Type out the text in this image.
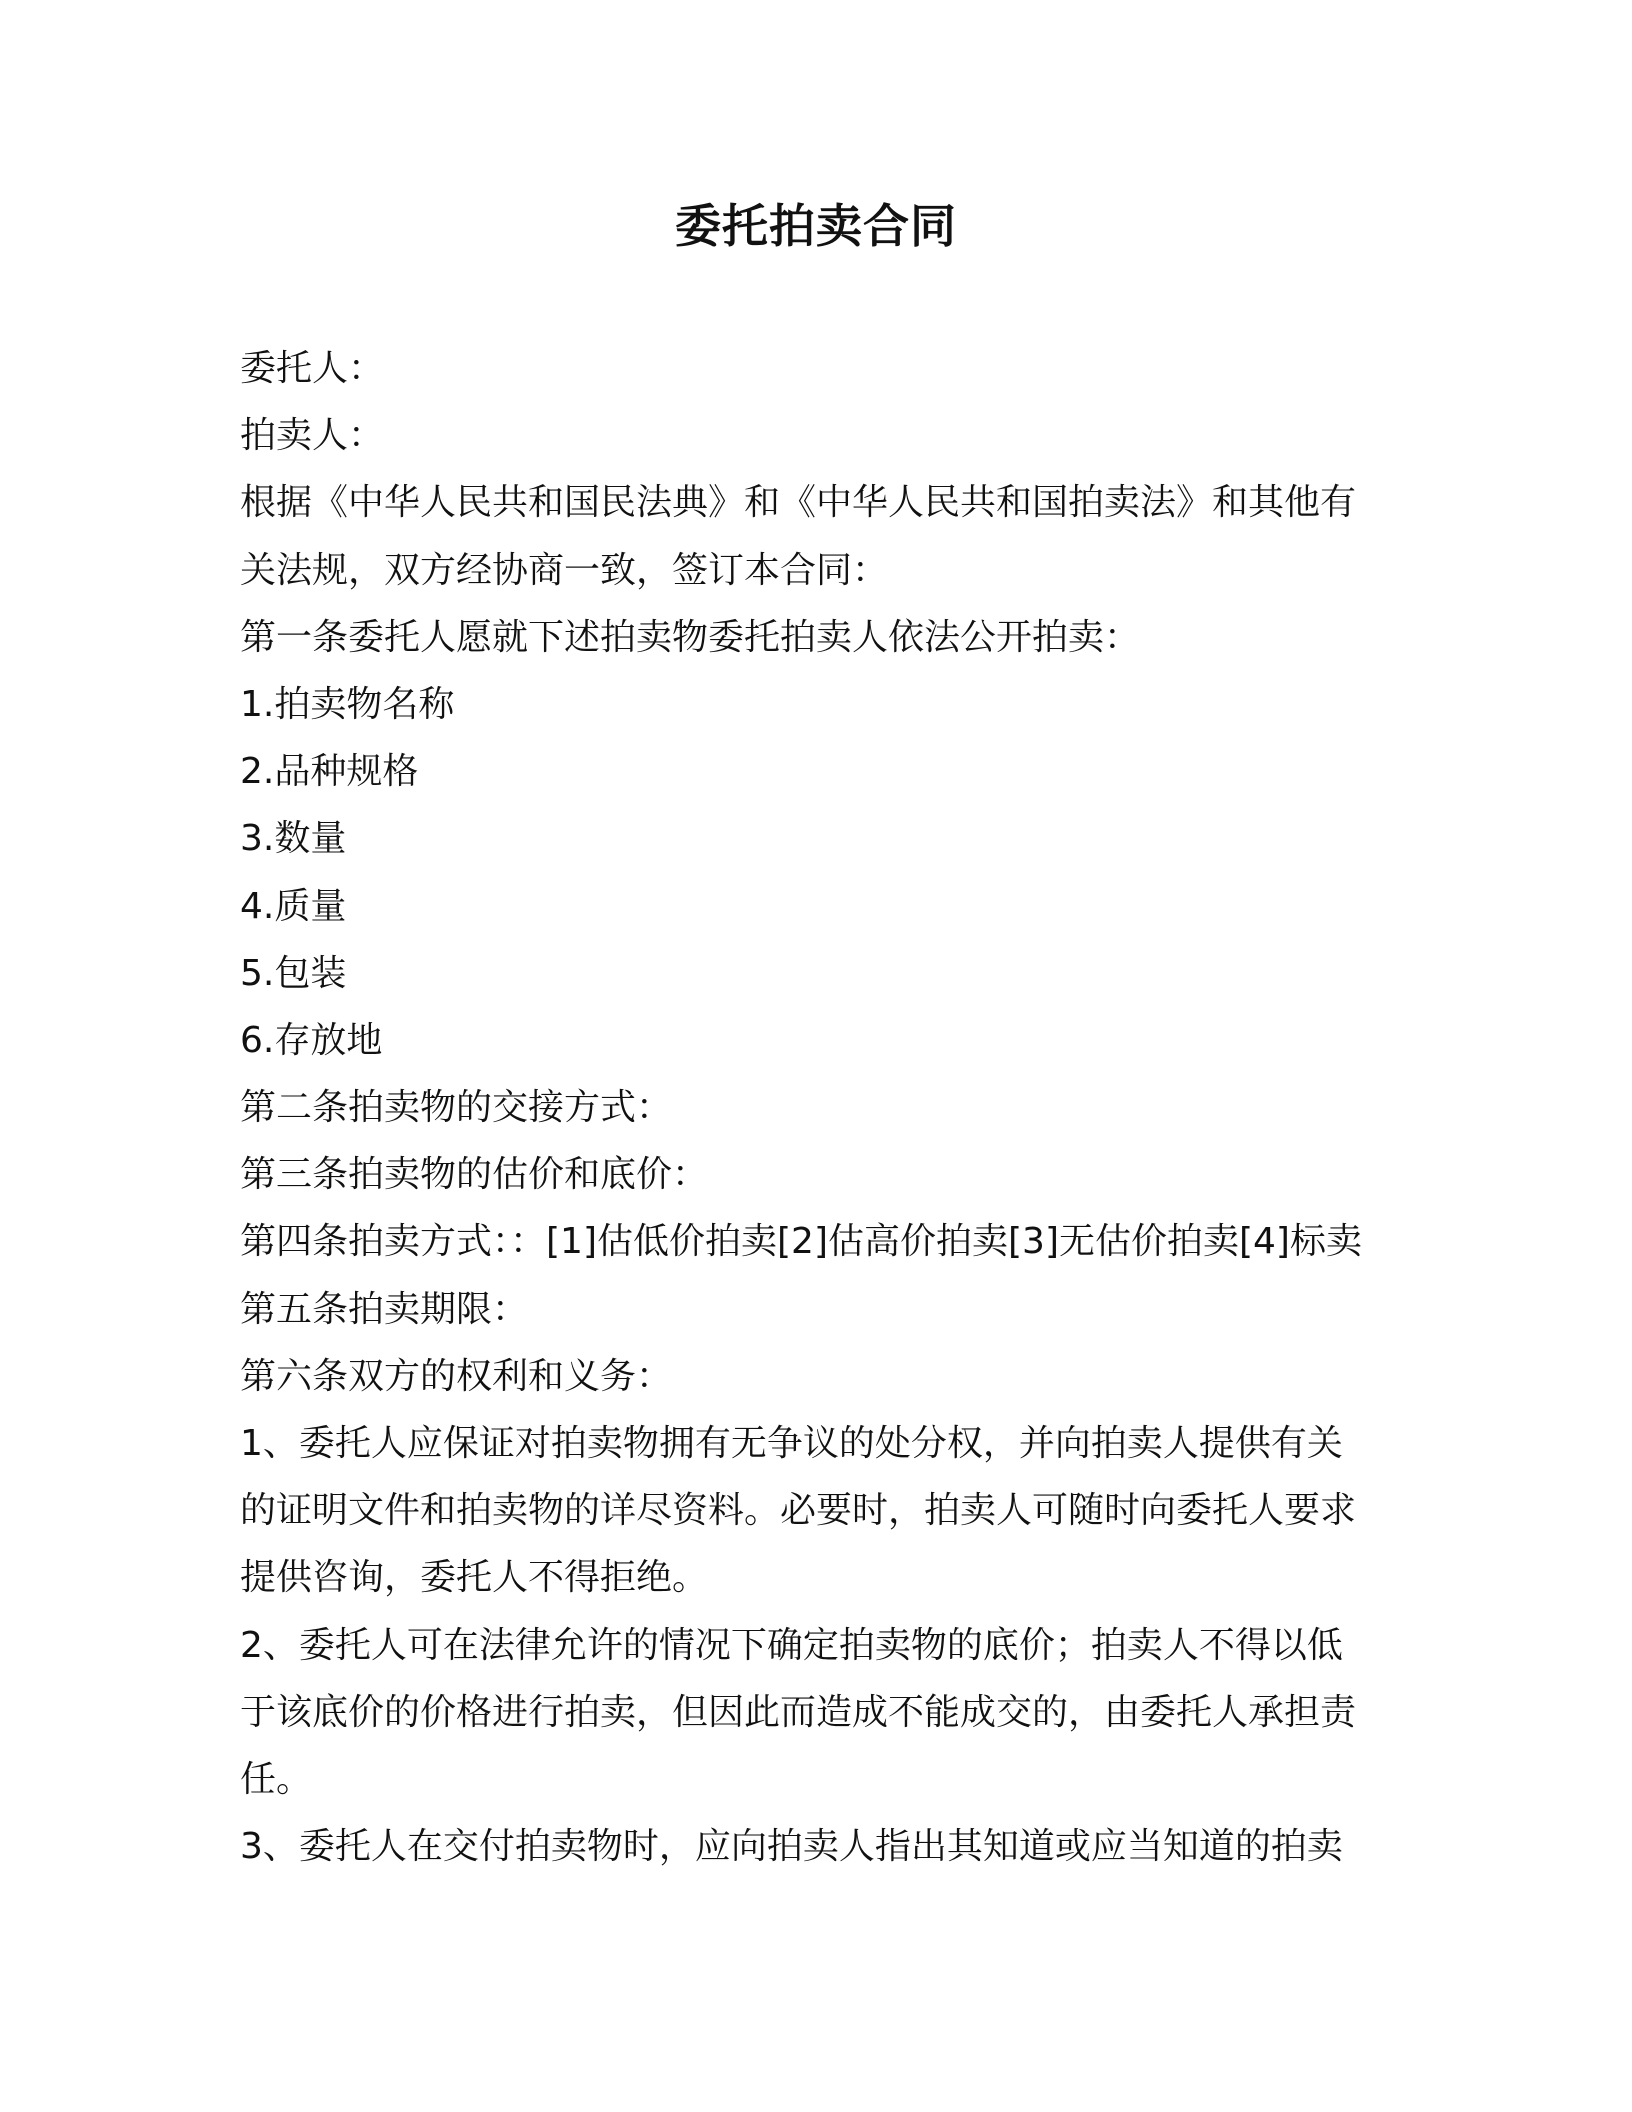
委托拍卖合同
委托人：
拍卖人：
根据《中华人民共和国民法典》和《中华人民共和国拍卖法》和其他有
关法规，双方经协商一致，签订本合同：
第一条委托人愿就下述拍卖物委托拍卖人依法公开拍卖：
1.拍卖物名称
2.品种规格
3.数量
4.质量
5.包装
6.存放地
第二条拍卖物的交接方式：
第三条拍卖物的估价和底价：
第四条拍卖方式：：[1]估低价拍卖[2]估高价拍卖[3]无估价拍卖[4]标卖
第五条拍卖期限：
第六条双方的权利和义务：
1、委托人应保证对拍卖物拥有无争议的处分权，并向拍卖人提供有关
的证明文件和拍卖物的详尽资料。必要时，拍卖人可随时向委托人要求
提供咨询，委托人不得拒绝。
2、委托人可在法律允许的情况下确定拍卖物的底价；拍卖人不得以低
于该底价的价格进行拍卖，但因此而造成不能成交的，由委托人承担责
任。
3、委托人在交付拍卖物时，应向拍卖人指出其知道或应当知道的拍卖
